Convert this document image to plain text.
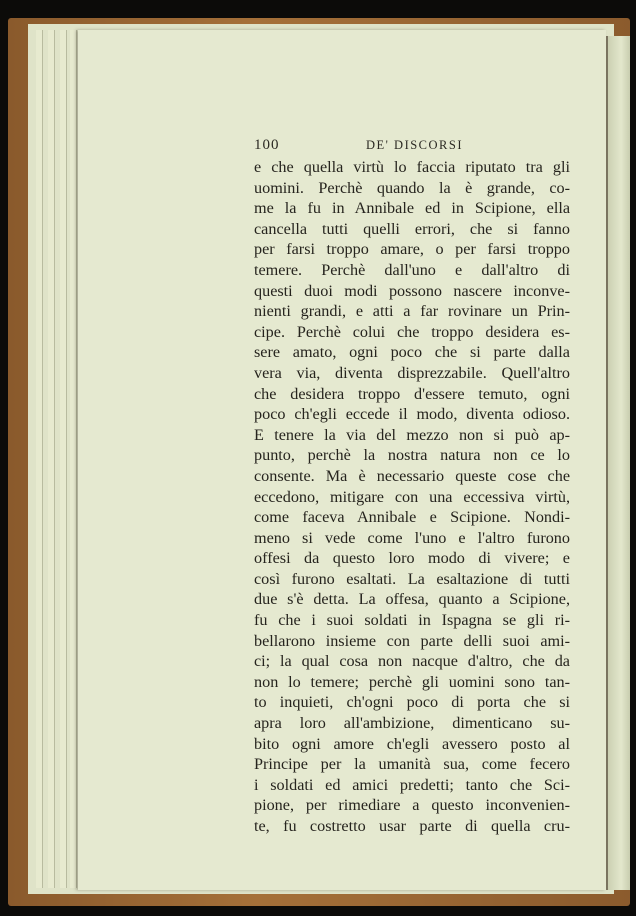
100	DE' DISCORSI
e che quella virtù lo faccia riputato tra gli
uomini. Perchè quando la è grande, co-
me la fu in Annibale ed in Scipione, ella
cancella tutti quelli errori, che si fanno
per farsi troppo amare, o per farsi troppo
temere. Perchè dall'uno e dall'altro di
questi duoi modi possono nascere inconve-
nienti grandi, e atti a far rovinare un Prin-
cipe. Perchè colui che troppo desidera es-
sere amato, ogni poco che si parte dalla
vera via, diventa disprezzabile. Quell'altro
che desidera troppo d'essere temuto, ogni
poco ch'egli eccede il modo, diventa odioso.
E tenere la via del mezzo non si può ap-
punto, perchè la nostra natura non ce lo
consente. Ma è necessario queste cose che
eccedono, mitigare con una eccessiva virtù,
come faceva Annibale e Scipione. Nondi-
meno si vede come l'uno e l'altro furono
offesi da questo loro modo di vivere; e
così furono esaltati. La esaltazione di tutti
due s'è detta. La offesa, quanto a Scipione,
fu che i suoi soldati in Ispagna se gli ri-
bellarono insieme con parte delli suoi ami-
ci; la qual cosa non nacque d'altro, che da
non lo temere; perchè gli uomini sono tan-
to inquieti, ch'ogni poco di porta che si
apra loro all'ambizione, dimenticano su-
bito ogni amore ch'egli avessero posto al
Principe per la umanità sua, come fecero
i soldati ed amici predetti; tanto che Sci-
pione, per rimediare a questo inconvenien-
te, fu costretto usar parte di quella cru-
